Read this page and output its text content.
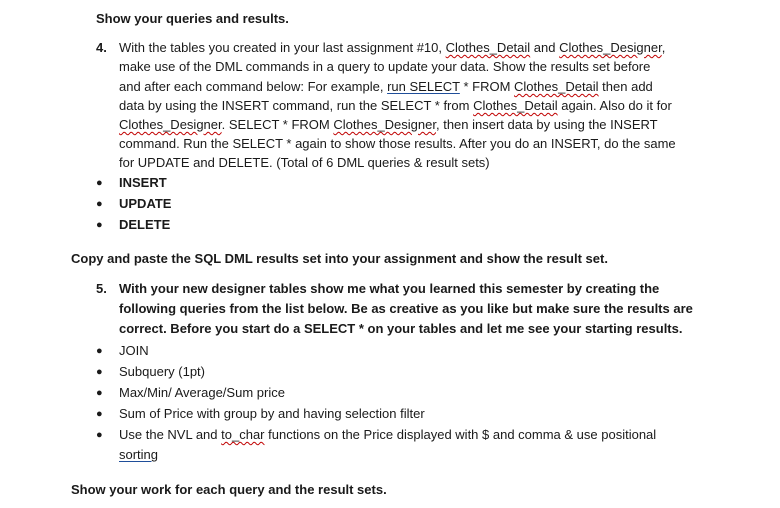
Show your queries and results.
4. With the tables you created in your last assignment #10, Clothes_Detail and Clothes_Designer,
make use of the DML commands in a query to update your data. Show the results set before
and after each command below: For example, run SELECT * FROM Clothes_Detail then add
data by using the INSERT command, run the SELECT * from Clothes_Detail again. Also do it for
Clothes_Designer. SELECT * FROM Clothes_Designer, then insert data by using the INSERT
command. Run the SELECT * again to show those results. After you do an INSERT, do the same
for UPDATE and DELETE. (Total of 6 DML queries & result sets)
● INSERT
● UPDATE
● DELETE
Copy and paste the SQL DML results set into your assignment and show the result set.
5. With your new designer tables show me what you learned this semester by creating the
following queries from the list below. Be as creative as you like but make sure the results are
correct. Before you start do a SELECT * on your tables and let me see your starting results.
● JOIN
● Subquery (1pt)
● Max/Min/ Average/Sum price
● Sum of Price with group by and having selection filter
● Use the NVL and to_char functions on the Price displayed with $ and comma & use positional
sorting
Show your work for each query and the result sets.
